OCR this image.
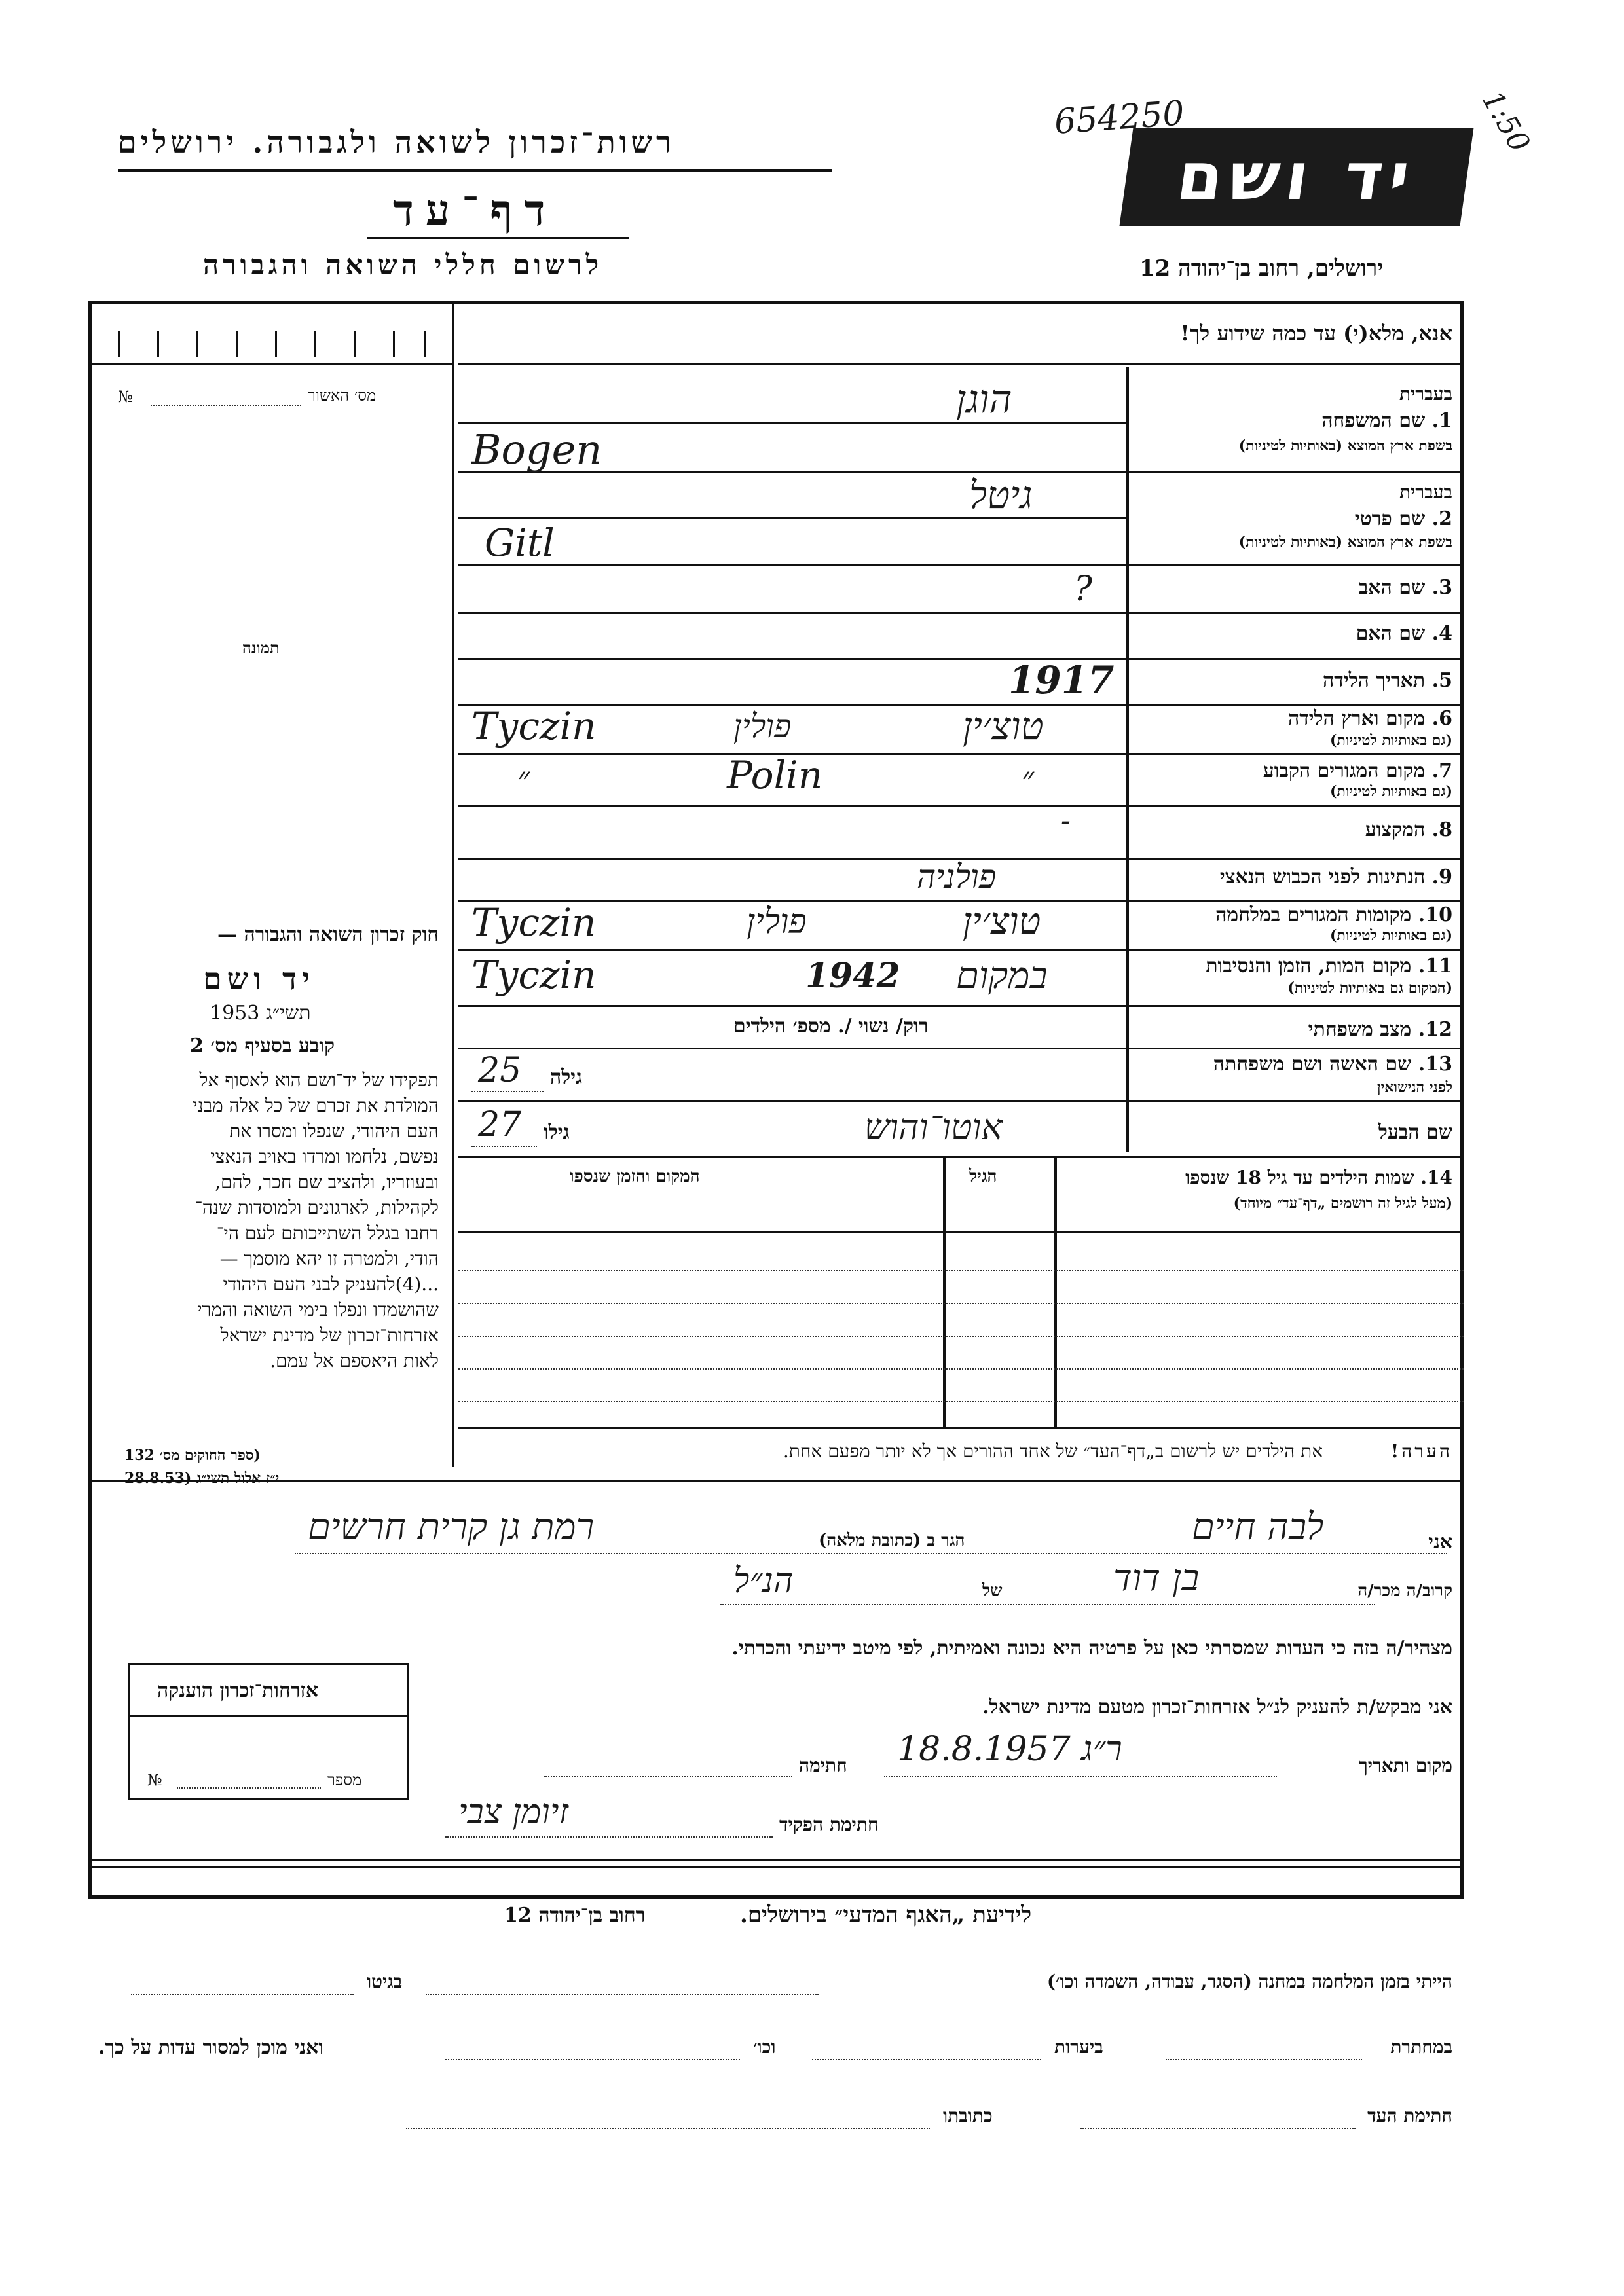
רשות־זכרון לשואה ולגבורה. ירושלים
דף־עד
לרשום חללי השואה והגבורה
יד ושם
654250	1:50
ירושלים, רחוב בן־יהודה 12
אנא, מלא(י) עד כמה שידוע לך!
מס׳ האשור
№
תמונה
בעברית
1. שם המשפחה
בשפת ארץ המוצא (באותיות לטיניות)
הוגן
Bogen
בעברית
2. שם פרטי
בשפת ארץ המוצא (באותיות לטיניות)
גיטל
Gitl
3. שם האב
?
4. שם האם
5. תאריך הלידה
1917
6. מקום וארץ הלידה
(גם באותיות לטיניות)
טוצ׳ין
פולין
Tyczin
7. מקום המגורים הקבוע
(גם באותיות לטיניות)
״
Polin
״
8. המקצוע
-
9. הנתינות לפני הכבוש הנאצי
פולניה
10. מקומות המגורים במלחמה
(גם באותיות לטיניות)
טוצ׳ין
פולין
Tyczin
11. מקום המות, הזמן והנסיבות
(המקום גם באותיות לטיניות)
במקום
1942
Tyczin
12. מצב משפחתי
רוק/ נשוי /. מספ׳ הילדים
13. שם האשה ושם משפחתה
לפני הנישואין
גילה
25
שם הבעל
אוטו־והוש
גילו
27
14. שמות הילדים עד גיל 18 שנספו
(מעל לגיל זה רושמים „דף־עד״ מיוחד)
הגיל
המקום והזמן שנספו
הערה!
את הילדים יש לרשום ב„דף־העד״ של אחד ההורים אך לא יותר מפעם אחת.
חוק זכרון השואה והגבורה —
יד ושם
תשי״ג 1953
קובע בסעיף מס׳ 2
תפקידו של יד־ושם הוא לאסוף אל
המולדת את זכרם של כל אלה מבני
העם היהודי, שנפלו ומסרו את
נפשם, נלחמו ומרדו באויב הנאצי
ובעוזריו, ולהציב שם חכר, להם,
לקהילות, לארגונים ולמוסדות שנה־
רחבו בגלל השתייכותם לעם הי־
הודי, ולמטרה זו יהא מוסמך —
...(4)להעניק לבני העם היהודי
שהושמדו ונפלו בימי השואה והמרי
אזרחות־זכרון של מדינת ישראל
לאות היאספם אל עמם.
(ספר החוקים מס׳ 132
י״ז אלול תשי״ג (28.8.53
אני
לבה חיים
הגר ב (כתובת מלאה)
רמת גן קרית חרשים
קרוב/ה מכר/ה
בן דוד
של
הנ״ל
מצהיר/ה בזה כי העדות שמסרתי כאן על פרטיה היא נכונה ואמיתית, לפי מיטב ידיעתי והכרתי.
אני מבקש/ת להעניק לנ״ל אזרחות־זכרון מטעם מדינת ישראל.
מקום ותאריך
ר״ג 18.8.1957
חתימה
חתימת הפקיד
זיומן צבי
אזרחות־זכרון הוענקה
מספר
№
לידיעת „האגף המדעי״ בירושלים.
רחוב בן־יהודה 12
הייתי בזמן המלחמה במחנה (הסגר, עבודה, השמדה וכו׳)
בגיטו
במחתרת
ביערות
וכו׳
ואני מוכן למסור עדות על כך.
חתימת העד
כתובתו
